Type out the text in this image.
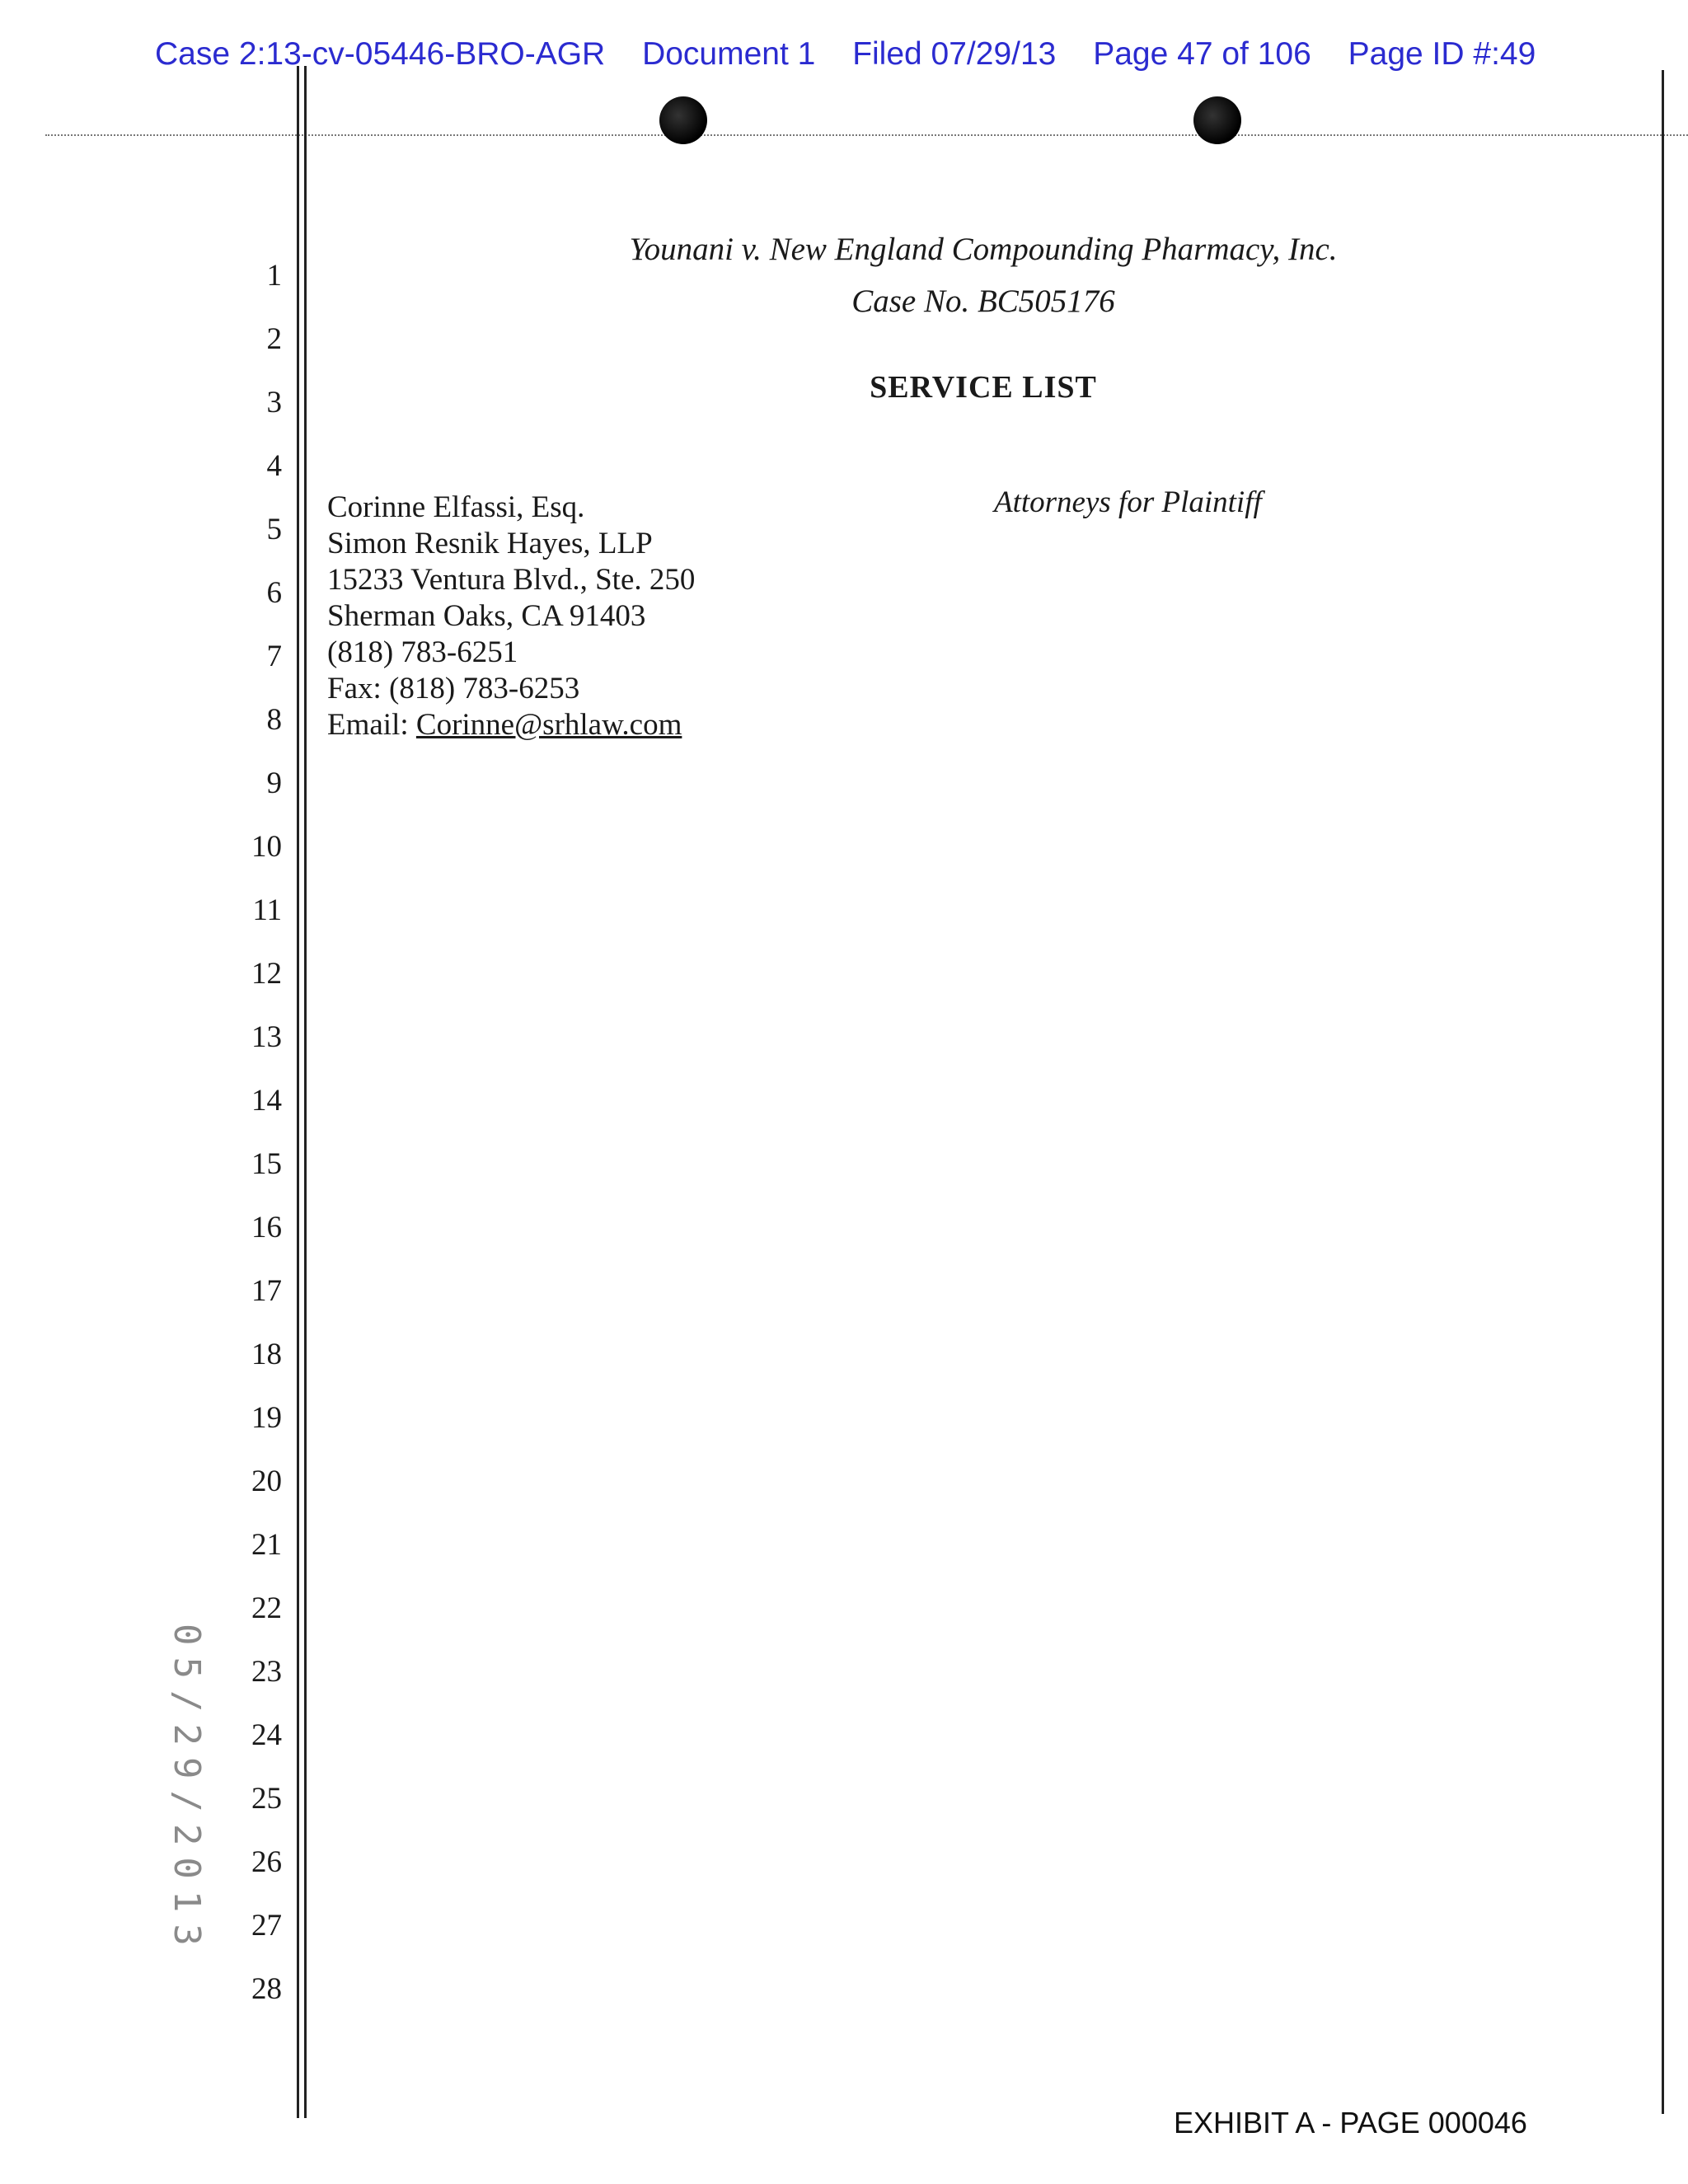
Case 2:13-cv-05446-BRO-AGR Document 1 Filed 07/29/13 Page 47 of 106 Page ID #:49
1
2
3
4
5
6
7
8
9
10
11
12
13
14
15
16
17
18
19
20
21
22
23
24
25
26
27
28
05/29/2013
Younani v. New England Compounding Pharmacy, Inc.
Case No. BC505176
SERVICE LIST
Corinne Elfassi, Esq.
Simon Resnik Hayes, LLP
15233 Ventura Blvd., Ste. 250
Sherman Oaks, CA 91403
(818) 783-6251
Fax: (818) 783-6253
Email: Corinne@srhlaw.com
Attorneys for Plaintiff
EXHIBIT A - PAGE 000046
